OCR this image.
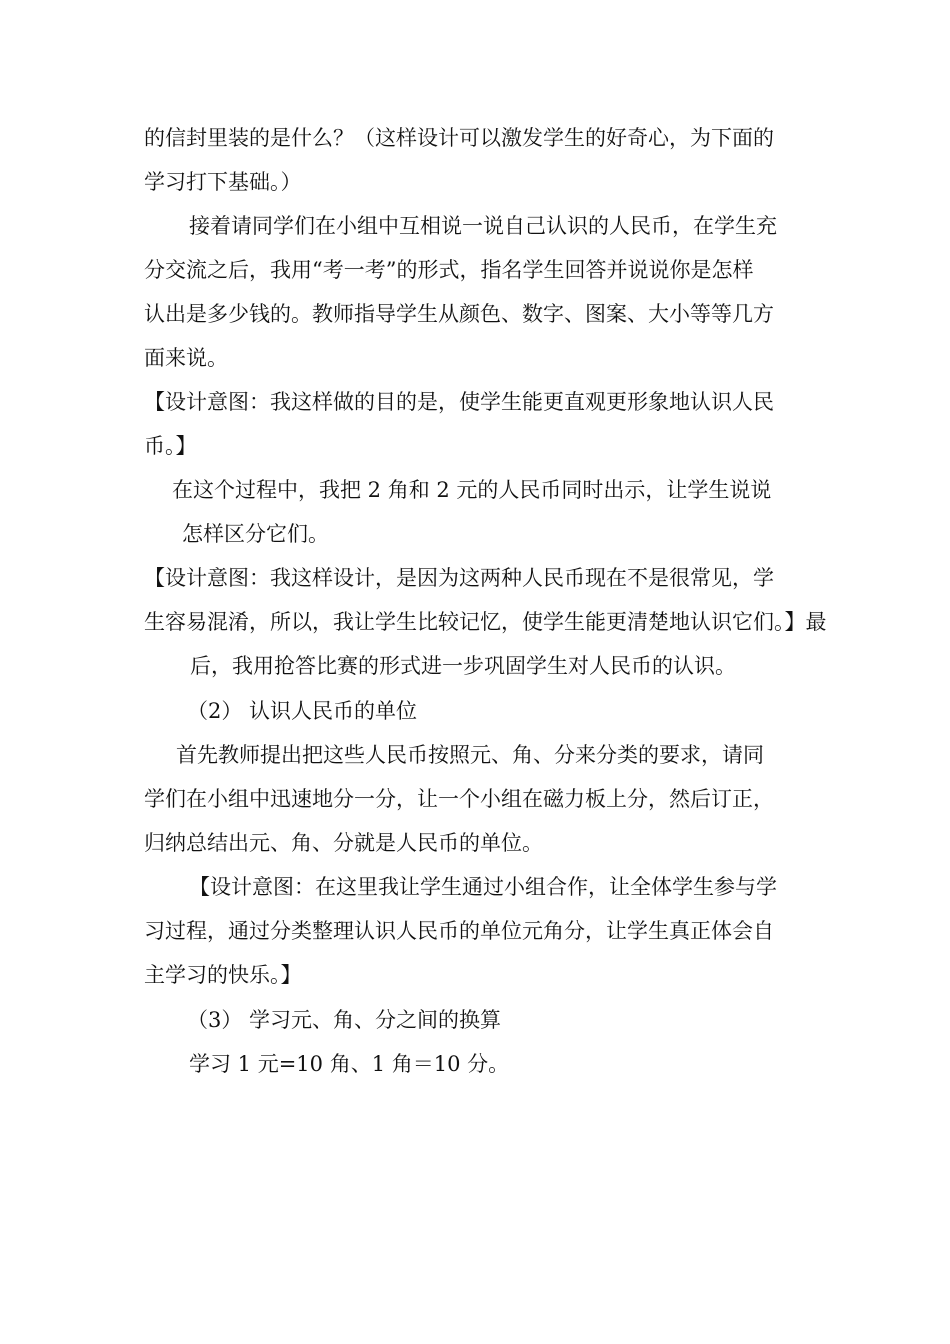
的信封里装的是什么？（这样设计可以激发学生的好奇心，为下面的
学习打下基础。）
接着请同学们在小组中互相说一说自己认识的人民币，在学生充
分交流之后，我用“考一考”的形式，指名学生回答并说说你是怎样
认出是多少钱的。教师指导学生从颜色、数字、图案、大小等等几方
面来说。
【设计意图：我这样做的目的是，使学生能更直观更形象地认识人民
币。】
在这个过程中，我把 2 角和 2 元的人民币同时出示，让学生说说
怎样区分它们。
【设计意图：我这样设计，是因为这两种人民币现在不是很常见，学
生容易混淆，所以，我让学生比较记忆，使学生能更清楚地认识它们。】最
后，我用抢答比赛的形式进一步巩固学生对人民币的认识。
（2） 认识人民币的单位
首先教师提出把这些人民币按照元、角、分来分类的要求，请同
学们在小组中迅速地分一分，让一个小组在磁力板上分，然后订正，
归纳总结出元、角、分就是人民币的单位。
【设计意图：在这里我让学生通过小组合作，让全体学生参与学
习过程，通过分类整理认识人民币的单位元角分，让学生真正体会自
主学习的快乐。】
（3） 学习元、角、分之间的换算
学习 1 元=10 角、1 角＝10 分。
